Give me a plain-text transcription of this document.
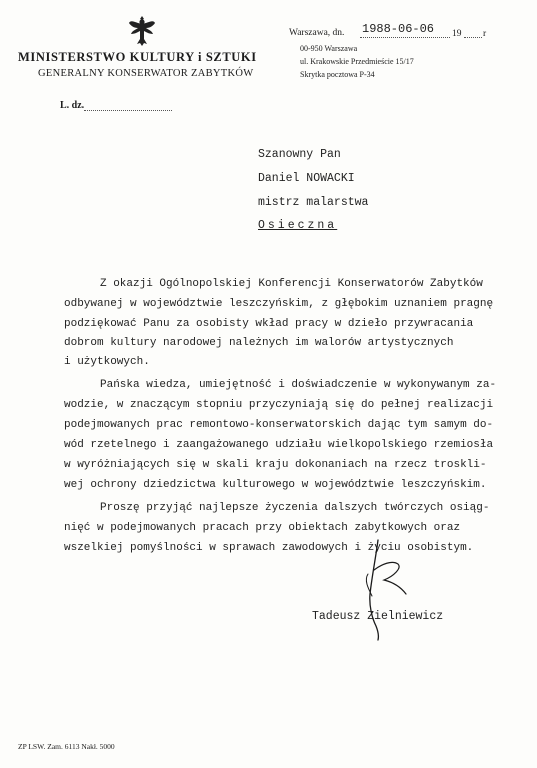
MINISTERSTWO KULTURY i SZTUKI
GENERALNY KONSERWATOR ZABYTKÓW
L. dz.
Warszawa, dn. 1988-06-06 19 r
00-950 Warszawa
ul. Krakowskie Przedmieście 15/17
Skrytka pocztowa P-34
Szanowny Pan
Daniel NOWACKI
mistrz malarstwa
Osieczna
Z okazji Ogólnopolskiej Konferencji Konserwatorów Zabytków
odbywanej w województwie leszczyńskim, z głębokim uznaniem pragnę
podziękować Panu za osobisty wkład pracy w dzieło przywracania
dobrom kultury narodowej należnych im walorów artystycznych
i użytkowych.
Pańska wiedza, umiejętność i doświadczenie w wykonywanym za-
wodzie, w znaczącym stopniu przyczyniają się do pełnej realizacji
podejmowanych prac remontowo-konserwatorskich dając tym samym do-
wód rzetelnego i zaangażowanego udziału wielkopolskiego rzemiosła
w wyróżniających się w skali kraju dokonaniach na rzecz troskli-
wej ochrony dziedzictwa kulturowego w województwie leszczyńskim.
Proszę przyjąć najlepsze życzenia dalszych twórczych osiąg-
nięć w podejmowanych pracach przy obiektach zabytkowych oraz
wszelkiej pomyślności w sprawach zawodowych i życiu osobistym.
Tadeusz Zielniewicz
ZP LSW. Zam. 6113 Nakł. 5000
